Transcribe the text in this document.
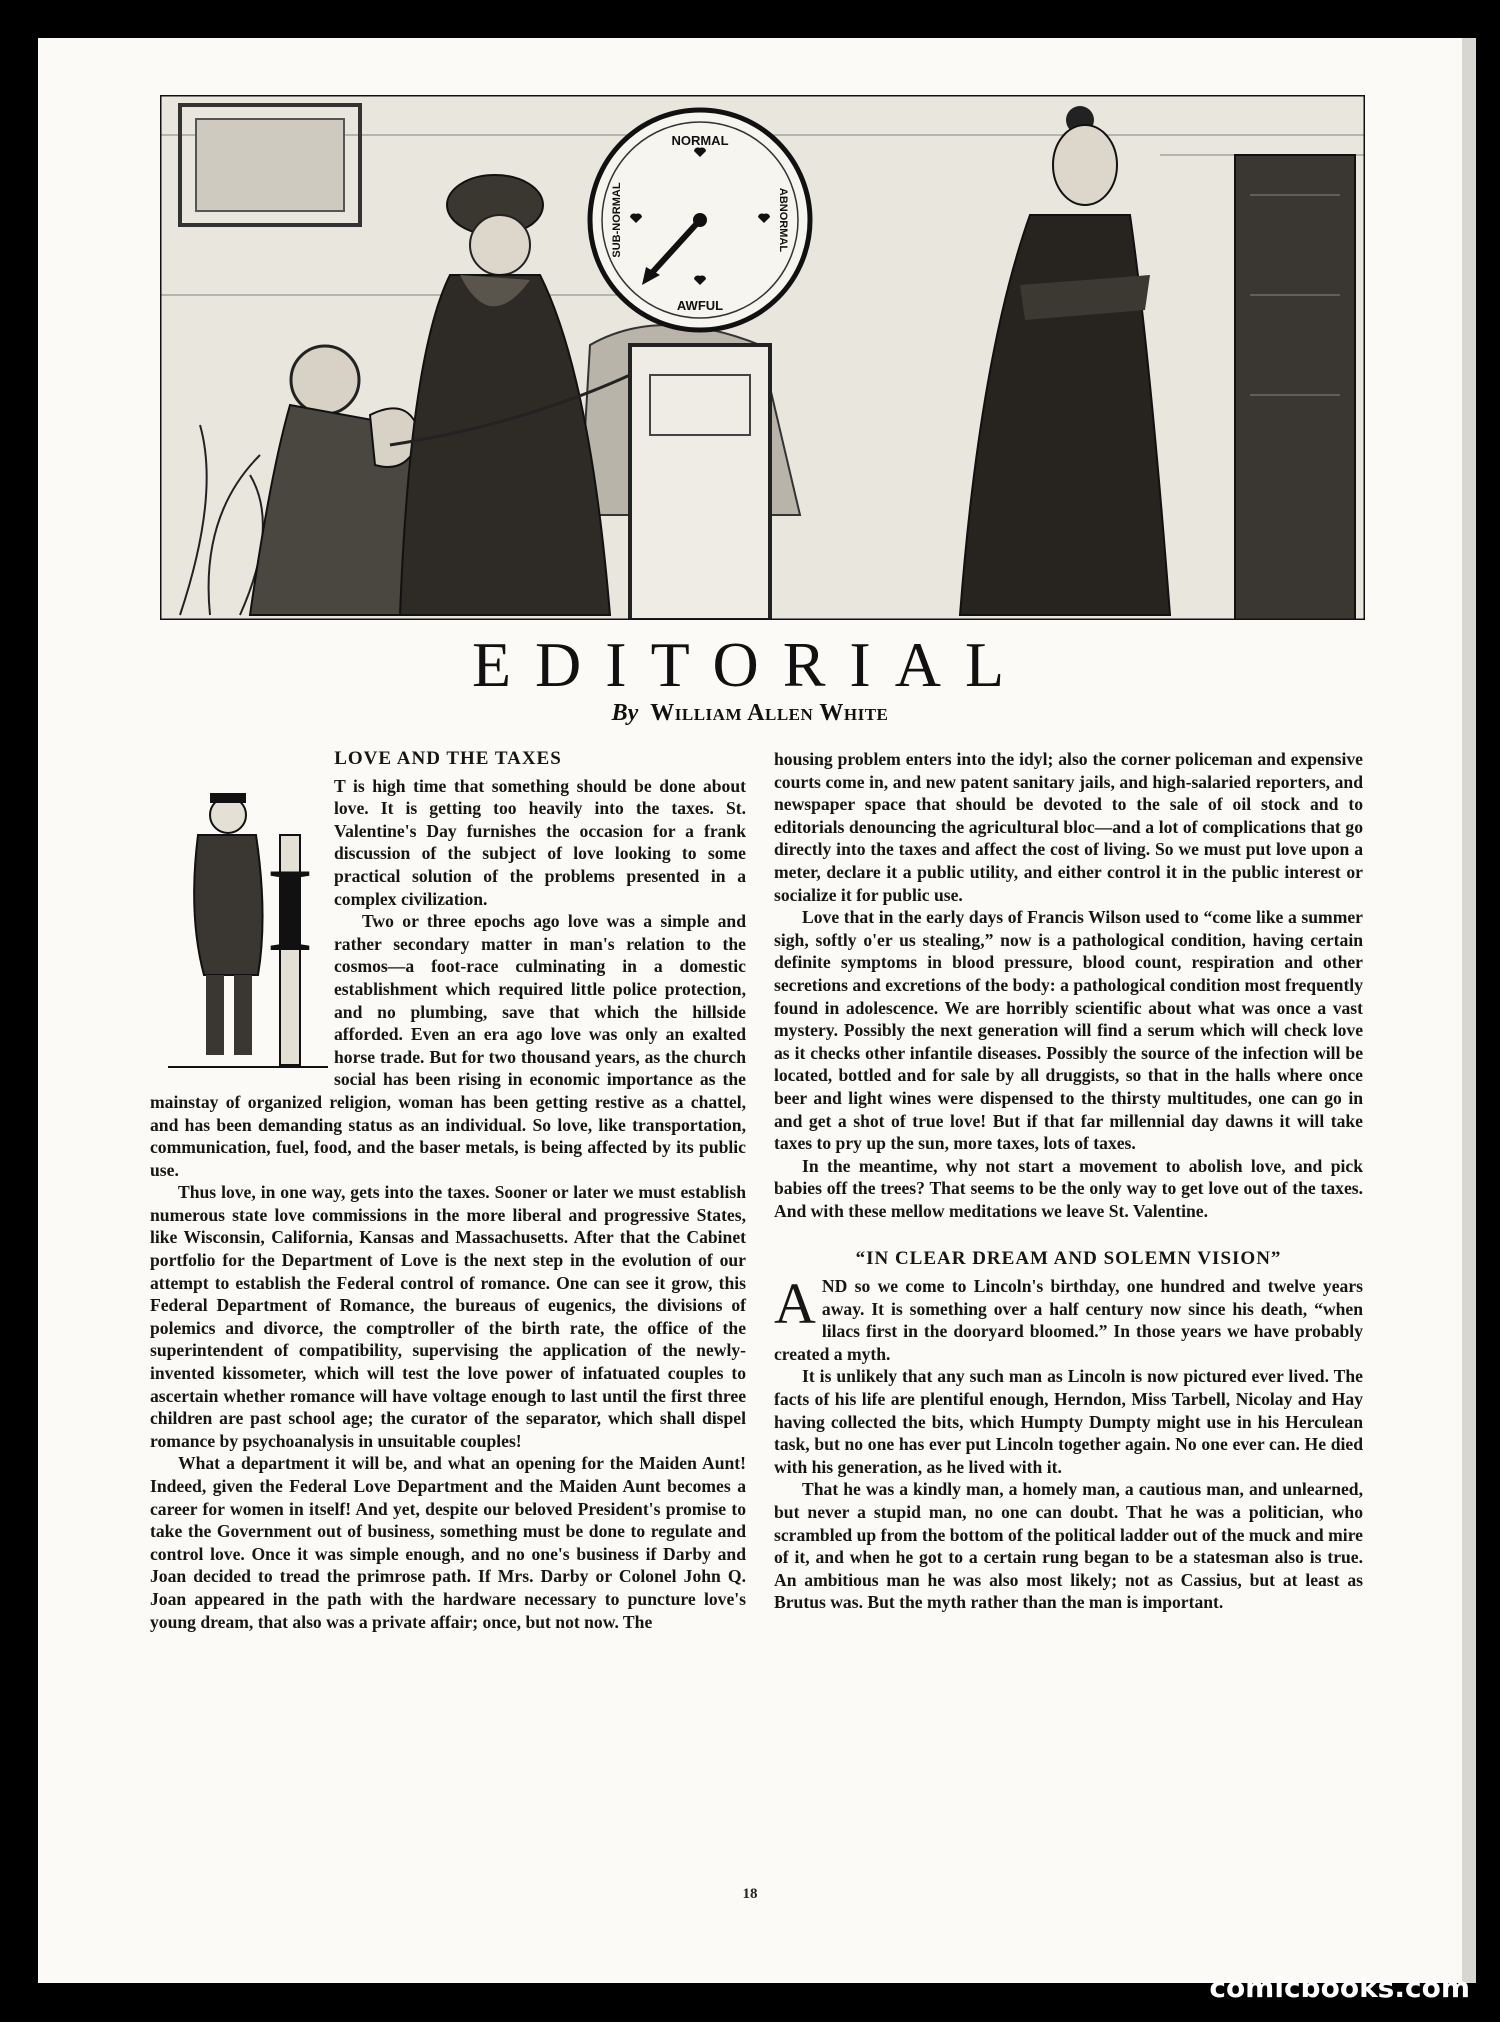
NORMAL
AWFUL
ABNORMAL
SUB-NORMAL
EDITORIAL
By William Allen White
LOVE AND THE TAXES
I

T is high time that something should be done about love. It is getting too heavily into the taxes. St. Valentine's Day furnishes the occasion for a frank discussion of the subject of love looking to some practical solution of the problems presented in a complex civilization.

Two or three epochs ago love was a simple and rather secondary matter in man's relation to the cosmos—a foot-race culminating in a domestic establishment which required little police protection, and no plumbing, save that which the hillside afforded. Even an era ago love was only an exalted horse trade. But for two thousand years, as the church social has been rising in economic importance as the mainstay of organized religion, woman has been getting restive as a chattel, and has been demanding status as an individual. So love, like transportation, communication, fuel, food, and the baser metals, is being affected by its public use.

Thus love, in one way, gets into the taxes. Sooner or later we must establish numerous state love commissions in the more liberal and progressive States, like Wisconsin, California, Kansas and Massachusetts. After that the Cabinet portfolio for the Department of Love is the next step in the evolution of our attempt to establish the Federal control of romance. One can see it grow, this Federal Department of Romance, the bureaus of eugenics, the divisions of polemics and divorce, the comptroller of the birth rate, the office of the superintendent of compatibility, supervising the application of the newly-invented kissometer, which will test the love power of infatuated couples to ascertain whether romance will have voltage enough to last until the first three children are past school age; the curator of the separator, which shall dispel romance by psychoanalysis in unsuitable couples!

What a department it will be, and what an opening for the Maiden Aunt! Indeed, given the Federal Love Department and the Maiden Aunt becomes a career for women in itself! And yet, despite our beloved President's promise to take the Government out of business, something must be done to regulate and control love. Once it was simple enough, and no one's business if Darby and Joan decided to tread the primrose path. If Mrs. Darby or Colonel John Q. Joan appeared in the path with the hardware necessary to puncture love's young dream, that also was a private affair; once, but not now. The

housing problem enters into the idyl; also the corner policeman and expensive courts come in, and new patent sanitary jails, and high-salaried reporters, and newspaper space that should be devoted to the sale of oil stock and to editorials denouncing the agricultural bloc—and a lot of complications that go directly into the taxes and affect the cost of living. So we must put love upon a meter, declare it a public utility, and either control it in the public interest or socialize it for public use.

Love that in the early days of Francis Wilson used to “come like a summer sigh, softly o'er us stealing,” now is a pathological condition, having certain definite symptoms in blood pressure, blood count, respiration and other secretions and excretions of the body: a pathological condition most frequently found in adolescence. We are horribly scientific about what was once a vast mystery. Possibly the next generation will find a serum which will check love as it checks other infantile diseases. Possibly the source of the infection will be located, bottled and for sale by all druggists, so that in the halls where once beer and light wines were dispensed to the thirsty multitudes, one can go in and get a shot of true love! But if that far millennial day dawns it will take taxes to pry up the sun, more taxes, lots of taxes.

In the meantime, why not start a movement to abolish love, and pick babies off the trees? That seems to be the only way to get love out of the taxes. And with these mellow meditations we leave St. Valentine.

“IN CLEAR DREAM AND SOLEMN VISION”
A ND so we come to Lincoln's birthday, one hundred and twelve years away. It is something over a half century now since his death, “when lilacs first in the dooryard bloomed.” In those years we have probably created a myth.

It is unlikely that any such man as Lincoln is now pictured ever lived. The facts of his life are plentiful enough, Herndon, Miss Tarbell, Nicolay and Hay having collected the bits, which Humpty Dumpty might use in his Herculean task, but no one has ever put Lincoln together again. No one ever can. He died with his generation, as he lived with it.

That he was a kindly man, a homely man, a cautious man, and unlearned, but never a stupid man, no one can doubt. That he was a politician, who scrambled up from the bottom of the political ladder out of the muck and mire of it, and when he got to a certain rung began to be a statesman also is true. An ambitious man he was also most likely; not as Cassius, but at least as Brutus was. But the myth rather than the man is important.

18
comicbooks.com
